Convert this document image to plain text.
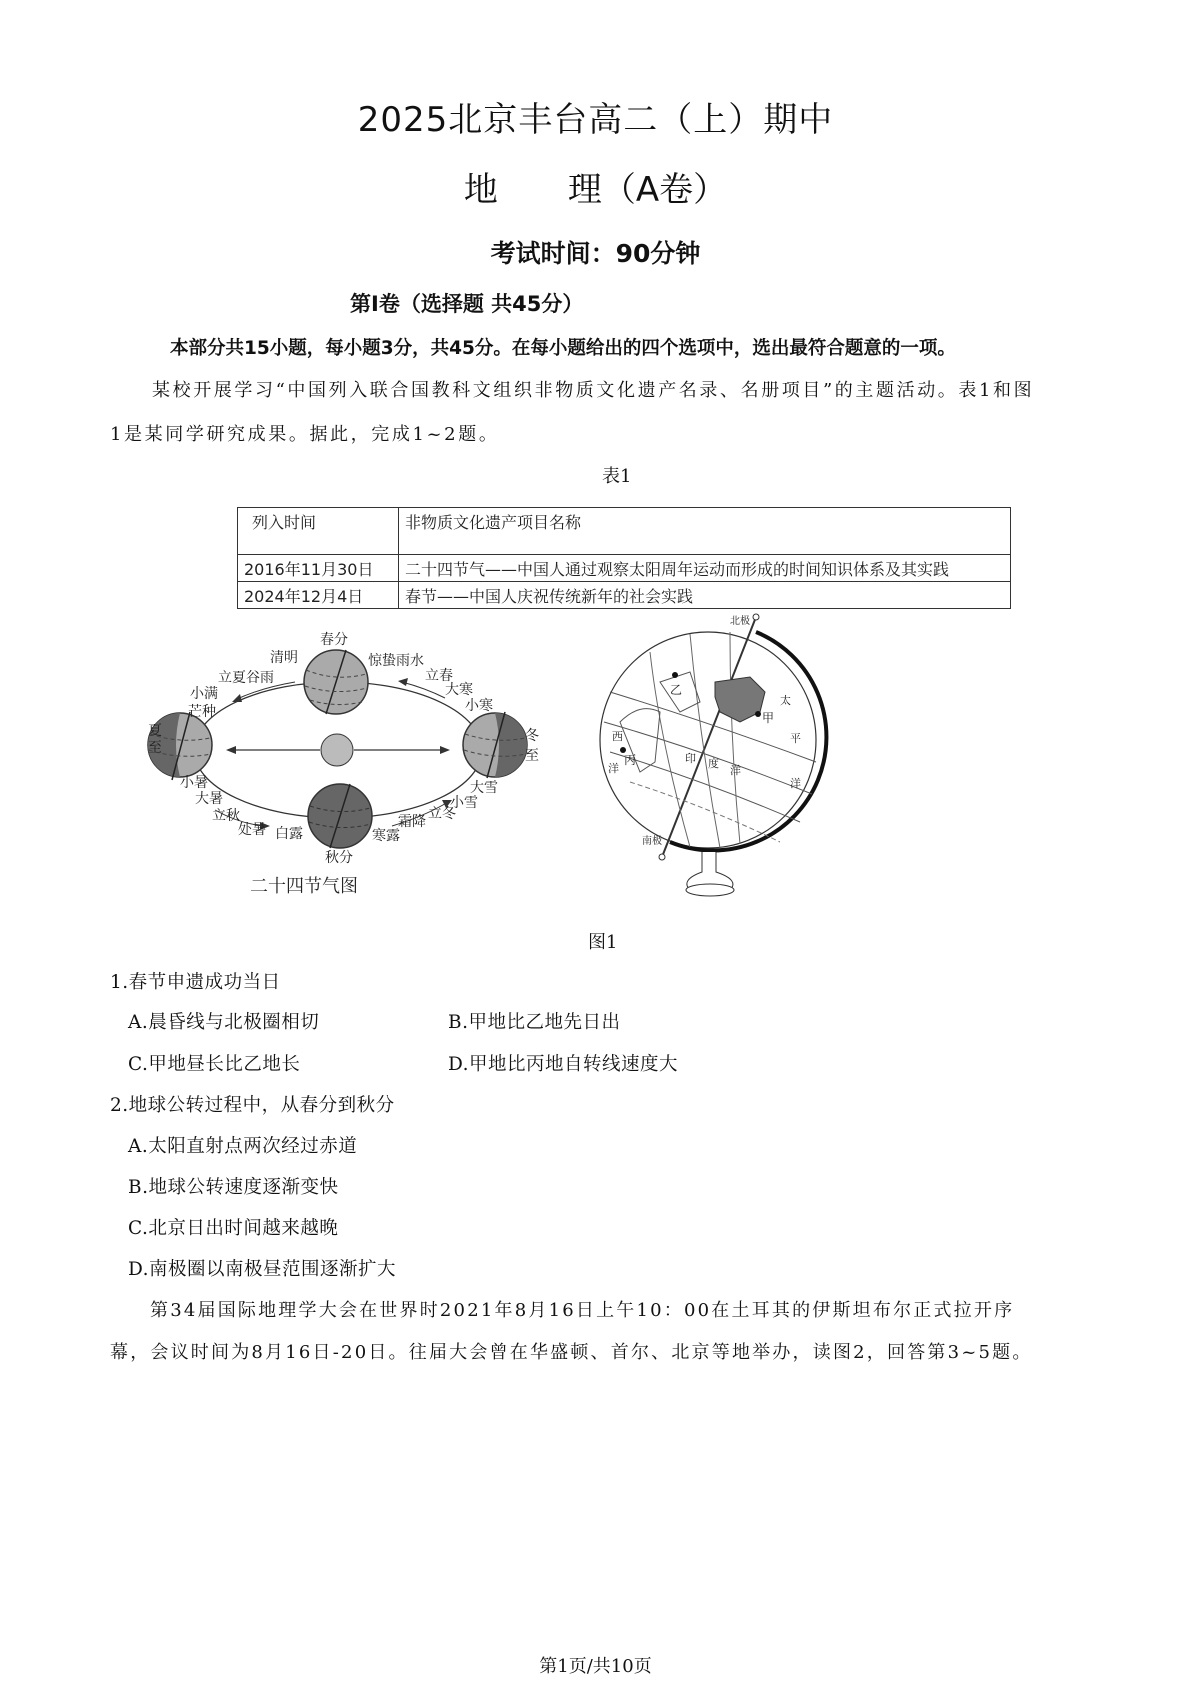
2025北京丰台高二（上）期中
地 理（A卷）
考试时间：90分钟
第Ⅰ卷（选择题 共45分）
本部分共15小题，每小题3分，共45分。在每小题给出的四个选项中，选出最符合题意的一项。
某校开展学习“中国列入联合国教科文组织非物质文化遗产名录、名册项目”的主题活动。表1和图
1是某同学研究成果。据此，完成1~2题。
表1
列入时间	非物质文化遗产项目名称
2016年11月30日	二十四节气——中国人通过观察太阳周年运动而形成的时间知识体系及其实践
2024年12月4日	春节——中国人庆祝传统新年的社会实践
春分
清明
立夏谷雨
小满
芒种
夏
至
小暑
大暑
立秋
处暑 白露
秋分
寒露
霜降 立冬
小雪
大雪
冬
至
小寒
大寒
立春
惊蛰雨水
二十四节气图
乙
丙
甲
北极
南极
太
平
洋
印 度
洋
西
洋
图1
1.春节申遗成功当日
A.晨昏线与北极圈相切	B.甲地比乙地先日出
C.甲地昼长比乙地长	D.甲地比丙地自转线速度大
2.地球公转过程中，从春分到秋分
A.太阳直射点两次经过赤道
B.地球公转速度逐渐变快
C.北京日出时间越来越晚
D.南极圈以南极昼范围逐渐扩大
第34届国际地理学大会在世界时2021年8月16日上午10：00在土耳其的伊斯坦布尔正式拉开序
幕，会议时间为8月16日-20日。往届大会曾在华盛顿、首尔、北京等地举办，读图2，回答第3~5题。
第1页/共10页
